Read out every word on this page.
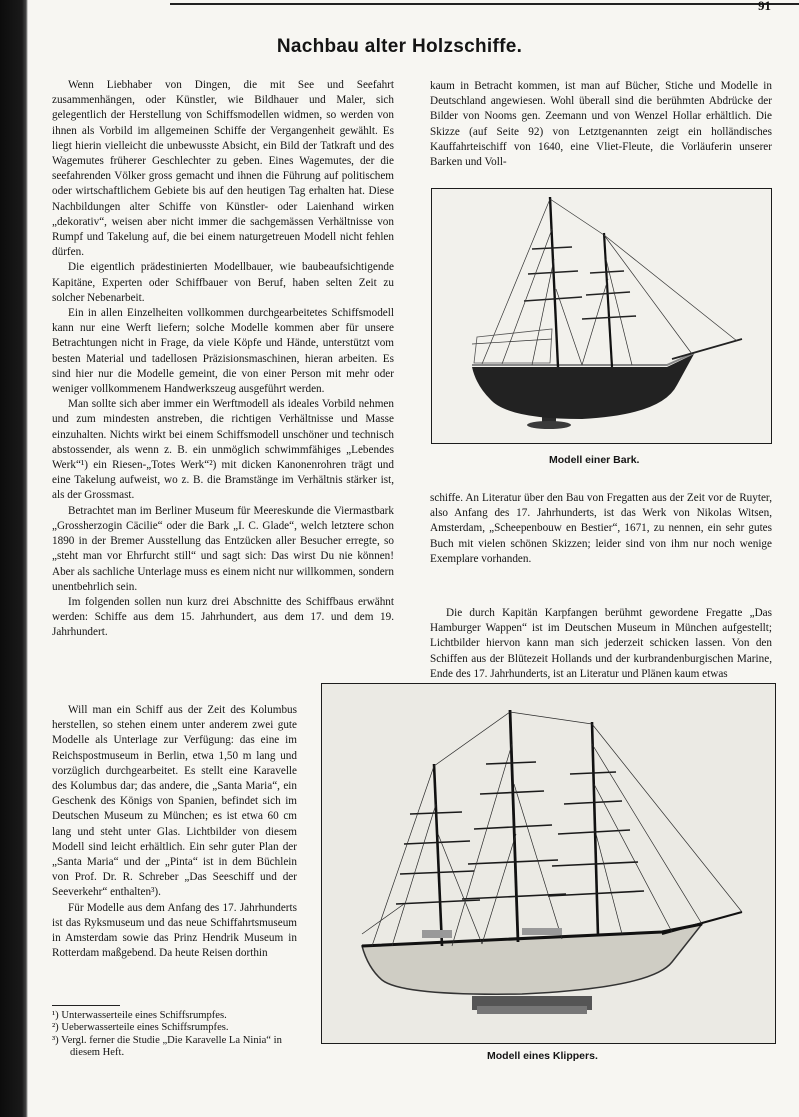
91
Nachbau alter Holzschiffe.

Wenn Liebhaber von Dingen, die mit See und Seefahrt zusammenhängen, oder Künstler, wie Bildhauer und Maler, sich gelegentlich der Herstellung von Schiffsmodellen widmen, so werden von ihnen als Vorbild im allgemeinen Schiffe der Vergangenheit gewählt. Es liegt hierin vielleicht die unbewusste Absicht, ein Bild der Tatkraft und des Wagemutes früherer Geschlechter zu geben. Eines Wagemutes, der die seefahrenden Völker gross gemacht und ihnen die Führung auf politischem oder wirtschaftlichem Gebiete bis auf den heutigen Tag erhalten hat. Diese Nachbildungen alter Schiffe von Künstler- oder Laienhand wirken „dekorativ“, weisen aber nicht immer die sachgemässen Verhältnisse von Rumpf und Takelung auf, die bei einem naturgetreuen Modell nicht fehlen dürfen.

Die eigentlich prädestinierten Modellbauer, wie baubeaufsichtigende Kapitäne, Experten oder Schiffbauer von Beruf, haben selten Zeit zu solcher Nebenarbeit.

Ein in allen Einzelheiten vollkommen durchgearbeitetes Schiffsmodell kann nur eine Werft liefern; solche Modelle kommen aber für unsere Betrachtungen nicht in Frage, da viele Köpfe und Hände, unterstützt vom besten Material und tadellosen Präzisionsmaschinen, hieran arbeiten. Es sind hier nur die Modelle gemeint, die von einer Person mit mehr oder weniger vollkommenem Handwerkszeug ausgeführt werden.

Man sollte sich aber immer ein Werftmodell als ideales Vorbild nehmen und zum mindesten anstreben, die richtigen Verhältnisse und Masse einzuhalten. Nichts wirkt bei einem Schiffsmodell unschöner und technisch abstossender, als wenn z. B. ein unmöglich schwimmfähiges „Lebendes Werk“¹) ein Riesen-„Totes Werk“²) mit dicken Kanonenrohren trägt und eine Takelung aufweist, wo z. B. die Bramstänge im Verhältnis stärker ist, als der Grossmast.

Betrachtet man im Berliner Museum für Meereskunde die Viermastbark „Grossherzogin Cäcilie“ oder die Bark „I. C. Glade“, welch letztere schon 1890 in der Bremer Ausstellung das Entzücken aller Besucher erregte, so „steht man vor Ehrfurcht still“ und sagt sich: Das wirst Du nie können! Aber als sachliche Unterlage muss es einem nicht nur willkommen, sondern unentbehrlich sein.

Im folgenden sollen nun kurz drei Abschnitte des Schiffbaus erwähnt werden: Schiffe aus dem 15. Jahrhundert, aus dem 17. und dem 19. Jahrhundert.

Will man ein Schiff aus der Zeit des Kolumbus herstellen, so stehen einem unter anderem zwei gute Modelle als Unterlage zur Verfügung: das eine im Reichspostmuseum in Berlin, etwa 1,50 m lang und vorzüglich durchgearbeitet. Es stellt eine Karavelle des Kolumbus dar; das andere, die „Santa Maria“, ein Geschenk des Königs von Spanien, befindet sich im Deutschen Museum zu München; es ist etwa 60 cm lang und steht unter Glas. Lichtbilder von diesem Modell sind leicht erhältlich. Ein sehr guter Plan der „Santa Maria“ und der „Pinta“ ist in dem Büchlein von Prof. Dr. R. Schreber „Das Seeschiff und der Seeverkehr“ enthalten³).

Für Modelle aus dem Anfang des 17. Jahrhunderts ist das Ryksmuseum und das neue Schiffahrtsmuseum in Amsterdam sowie das Prinz Hendrik Museum in Rotterdam maßgebend. Da heute Reisen dorthin

kaum in Betracht kommen, ist man auf Bücher, Stiche und Modelle in Deutschland angewiesen. Wohl überall sind die berühmten Abdrücke der Bilder von Nooms gen. Zeemann und von Wenzel Hollar erhältlich. Die Skizze (auf Seite 92) von Letztgenannten zeigt ein holländisches Kauffahrteischiff von 1640, eine Vliet-Fleute, die Vorläuferin unserer Barken und Voll-

Modell einer Bark.

schiffe. An Literatur über den Bau von Fregatten aus der Zeit vor de Ruyter, also Anfang des 17. Jahrhunderts, ist das Werk von Nikolas Witsen, Amsterdam, „Scheepenbouw en Bestier“, 1671, zu nennen, ein sehr gutes Buch mit vielen schönen Skizzen; leider sind von ihm nur noch wenige Exemplare vorhanden.

Die durch Kapitän Karpfangen berühmt gewordene Fregatte „Das Hamburger Wappen“ ist im Deutschen Museum in München aufgestellt; Lichtbilder hiervon kann man sich jederzeit schicken lassen. Von den Schiffen aus der Blütezeit Hollands und der kurbrandenburgischen Marine, Ende des 17. Jahrhunderts, ist an Literatur und Plänen kaum etwas

Modell eines Klippers.
¹) Unterwasserteile eines Schiffsrumpfes.
²) Ueberwasserteile eines Schiffsrumpfes.
³) Vergl. ferner die Studie „Die Karavelle La Ninia“ in diesem Heft.
